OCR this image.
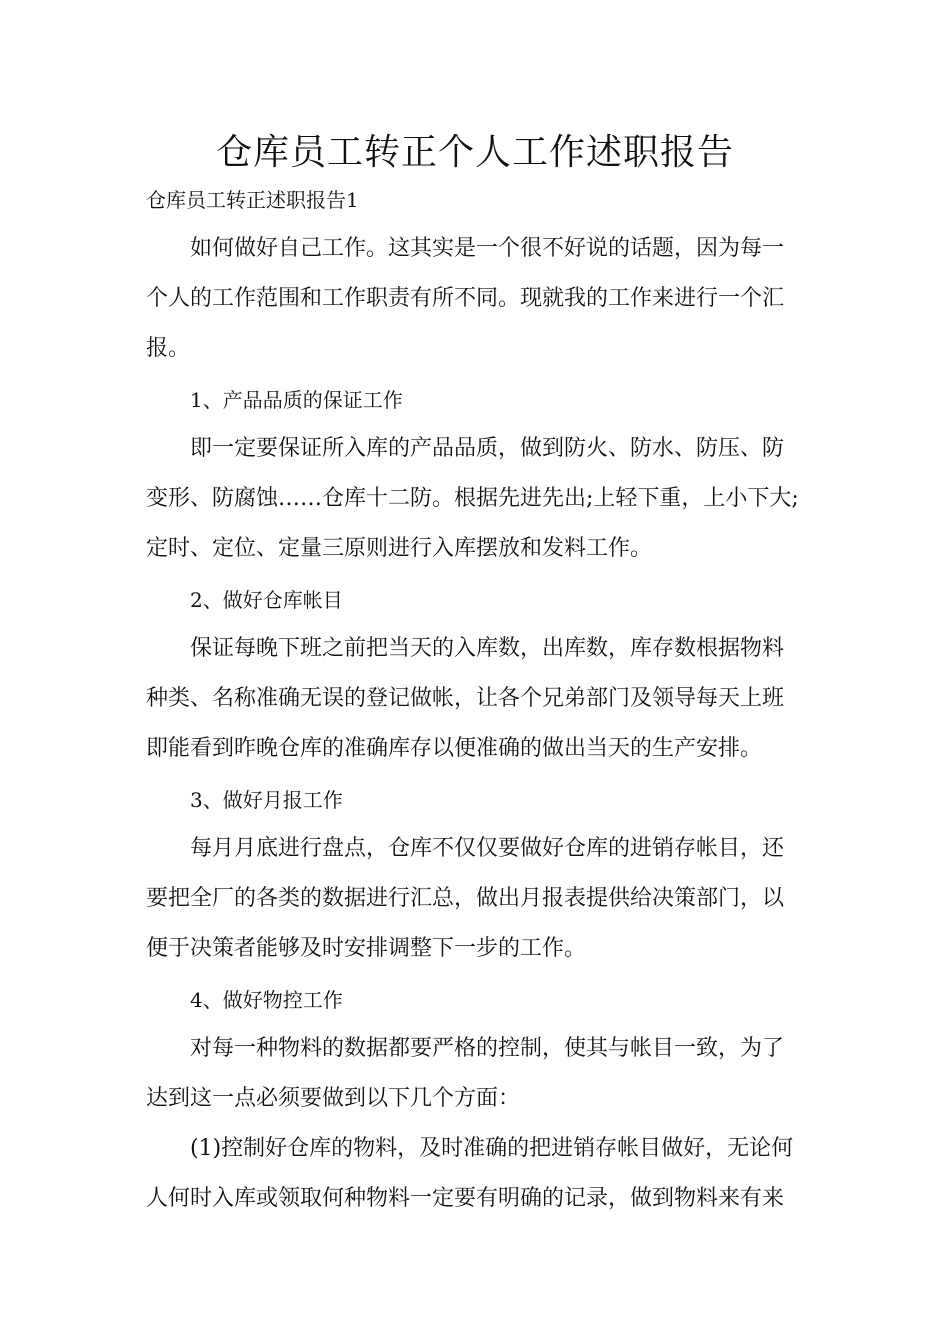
仓库员工转正个人工作述职报告
仓库员工转正述职报告1
如何做好自己工作。这其实是一个很不好说的话题，因为每一
个人的工作范围和工作职责有所不同。现就我的工作来进行一个汇
报。
1、产品品质的保证工作
即一定要保证所入库的产品品质，做到防火、防水、防压、防
变形、防腐蚀……仓库十二防。根据先进先出;上轻下重，上小下大;
定时、定位、定量三原则进行入库摆放和发料工作。
2、做好仓库帐目
保证每晚下班之前把当天的入库数，出库数，库存数根据物料
种类、名称准确无误的登记做帐，让各个兄弟部门及领导每天上班
即能看到昨晚仓库的准确库存以便准确的做出当天的生产安排。
3、做好月报工作
每月月底进行盘点，仓库不仅仅要做好仓库的进销存帐目，还
要把全厂的各类的数据进行汇总，做出月报表提供给决策部门，以
便于决策者能够及时安排调整下一步的工作。
4、做好物控工作
对每一种物料的数据都要严格的控制，使其与帐目一致，为了
达到这一点必须要做到以下几个方面：
(1)控制好仓库的物料，及时准确的把进销存帐目做好，无论何
人何时入库或领取何种物料一定要有明确的记录，做到物料来有来
